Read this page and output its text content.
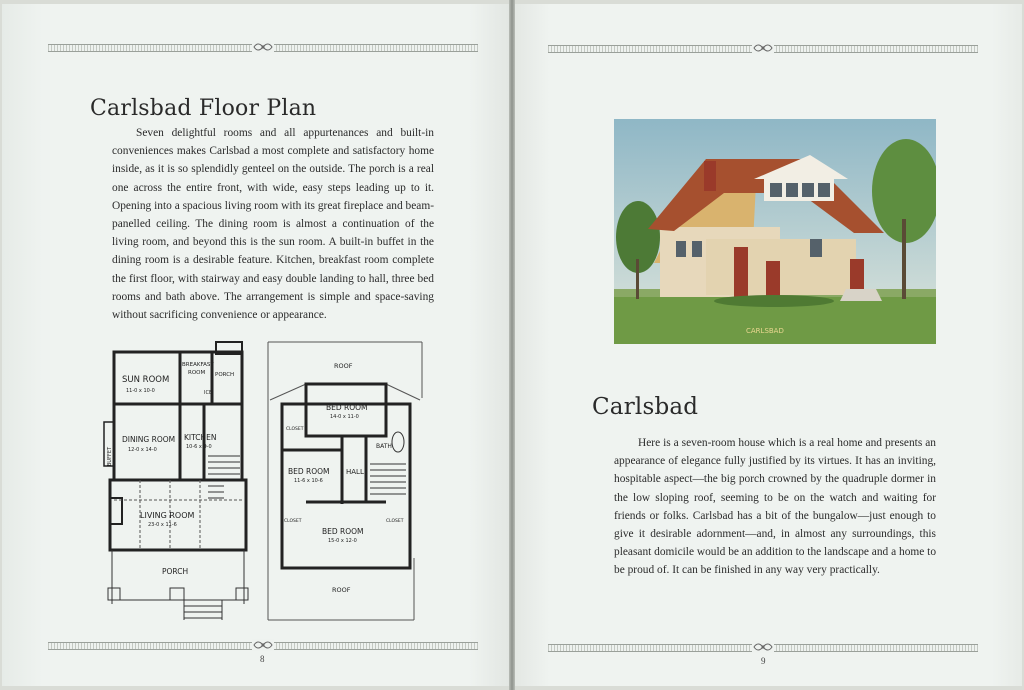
Carlsbad Floor Plan
Seven delightful rooms and all appurtenances and built-in conveniences makes Carlsbad a most complete and satisfactory home inside, as it is so splendidly genteel on the outside. The porch is a real one across the entire front, with wide, easy steps leading up to it. Opening into a spacious living room with its great fireplace and beam-panelled ceiling. The dining room is almost a continuation of the living room, and beyond this is the sun room. A built-in buffet in the dining room is a desirable feature. Kitchen, breakfast room complete the first floor, with stairway and easy double landing to hall, three bed rooms and bath above. The arrangement is simple and space-saving without sacrificing convenience or appearance.
SUN ROOM
11-0 x 10-0
BREAKFAST
ROOM PORCH
ICE
DINING ROOM
12-0 x 14-0
KITCHEN
10-6 x 9-0
BUFFET
LIVING ROOM
23-0 x 11-6
PORCH
ROOF
BED ROOM
14-0 x 11-0
CLOSET
BATH
BED ROOM
11-6 x 10-6
HALL
BED ROOM
15-0 x 12-0
CLOSET	CLOSET
ROOF
8
CARLSBAD
Carlsbad
Here is a seven-room house which is a real home and presents an appearance of elegance fully justified by its virtues. It has an inviting, hospitable aspect—the big porch crowned by the quadruple dormer in the low sloping roof, seeming to be on the watch and waiting for friends or folks. Carlsbad has a bit of the bungalow—just enough to give it desirable adornment—and, in almost any surroundings, this pleasant domicile would be an addition to the landscape and a home to be proud of. It can be finished in any way very practically.
9
